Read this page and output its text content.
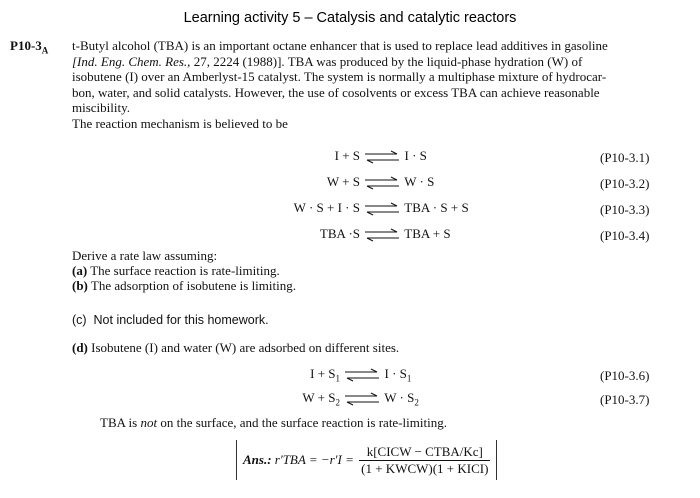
Learning activity 5 – Catalysis and catalytic reactors
$P10-3_A$ t-Butyl alcohol (TBA) is an important octane enhancer that is used to replace lead additives in gasoline
[Ind. Eng. Chem. Res., 27, 2224 (1988)]. TBA was produced by the liquid-phase hydration (W) of
isobutene (I) over an Amberlyst-15 catalyst. The system is normally a multiphase mixture of hydrocar-
bon, water, and solid catalysts. However, the use of cosolvents or excess TBA can achieve reasonable
miscibility.
The reaction mechanism is believed to be
I + S ⇌ I · S	(P10-3.1)
W + S ⇌ W · S	(P10-3.2)
W · S + I · S ⇌ TBA · S + S	(P10-3.3)
TBA ·S ⇌ TBA + S	(P10-3.4)
Derive a rate law assuming:
(a) The surface reaction is rate-limiting.
(b) The adsorption of isobutene is limiting.
(c) Not included for this homework.
(d) Isobutene (I) and water (W) are adsorbed on different sites.
$I + S_1$ ⇌ $I \cdot S_1$	(P10-3.6)
$W + S_2$ ⇌ $W \cdot S_2$	(P10-3.7)
TBA is not on the surface, and the surface reaction is rate-limiting.
Ans.: $r'TBA = -r'I = \frac{\text{k[CICW − CTBA/Kc]}}{\text{(1 + KWCW)(1 + KICI)}}$
